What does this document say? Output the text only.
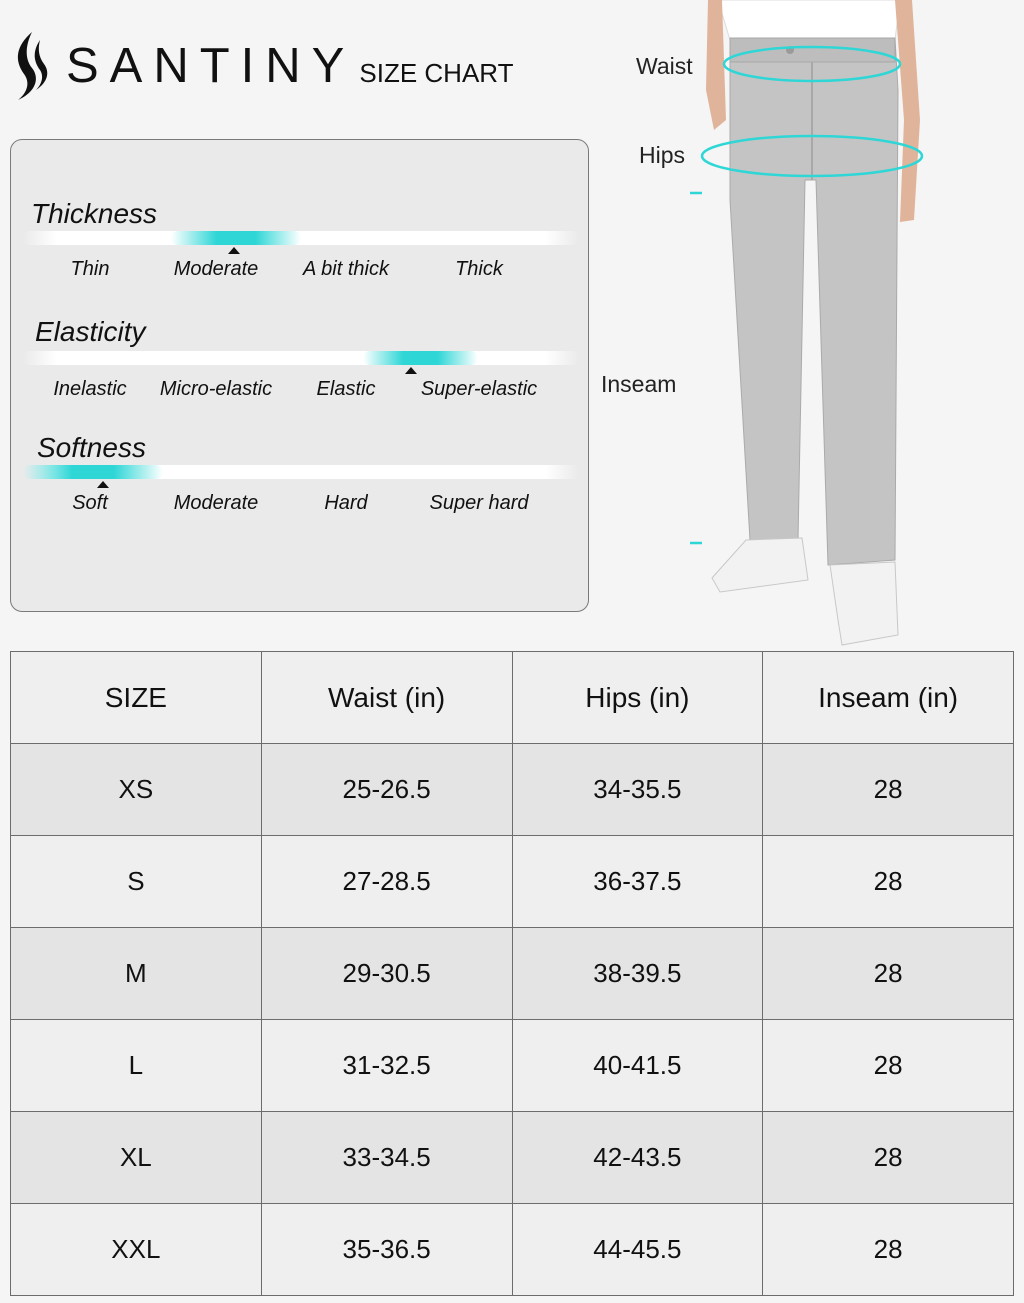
SANTINY SIZE CHART
Thickness
Thin	Moderate	A bit thick	Thick
Elasticity
Inelastic	Micro-elastic	Elastic	Super-elastic
Softness
Soft	Moderate	Hard	Super hard
Waist
Hips
Inseam
SIZE	Waist (in)	Hips (in)	Inseam (in)
XS	25-26.5	34-35.5	28
S	27-28.5	36-37.5	28
M	29-30.5	38-39.5	28
L	31-32.5	40-41.5	28
XL	33-34.5	42-43.5	28
XXL	35-36.5	44-45.5	28
